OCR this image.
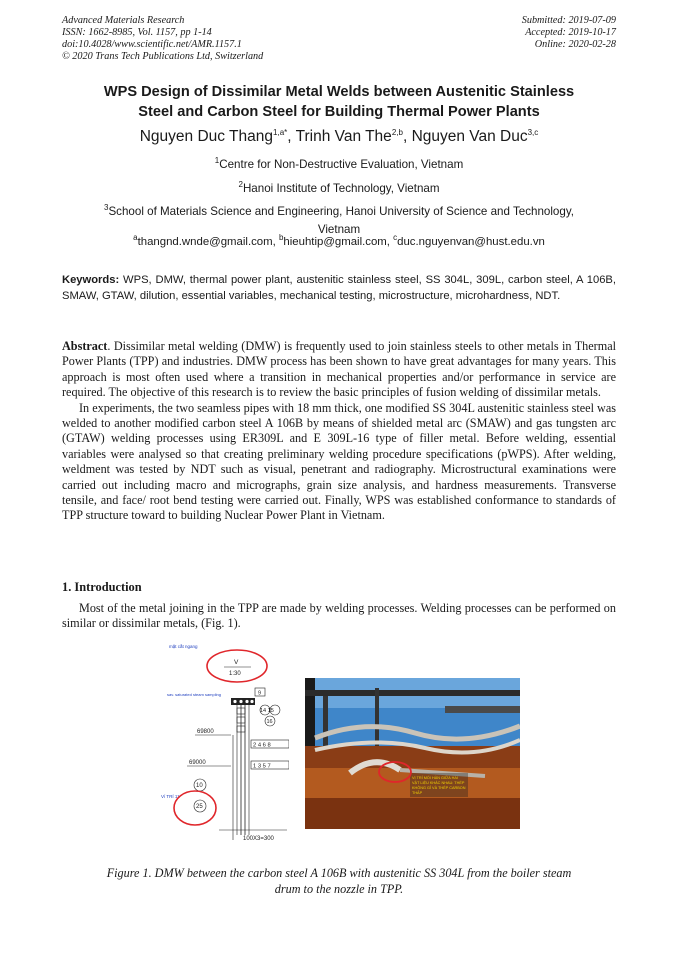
Advanced Materials Research
ISSN: 1662-8985, Vol. 1157, pp 1-14
doi:10.4028/www.scientific.net/AMR.1157.1
© 2020 Trans Tech Publications Ltd, Switzerland
Submitted: 2019-07-09
Accepted: 2019-10-17
Online: 2020-02-28
WPS Design of Dissimilar Metal Welds between Austenitic Stainless
Steel and Carbon Steel for Building Thermal Power Plants
Nguyen Duc Thang$^{1,a*}$, Trinh Van The$^{2,b}$, Nguyen Van Duc$^{3,c}$
$^1$Centre for Non-Destructive Evaluation, Vietnam
$^2$Hanoi Institute of Technology, Vietnam
$^3$School of Materials Science and Engineering, Hanoi University of Science and Technology,
Vietnam
$^a$thangnd.wnde@gmail.com, $^b$hieuhtip@gmail.com, $^c$duc.nguyenvan@hust.edu.vn
Keywords: WPS, DMW, thermal power plant, austenitic stainless steel, SS 304L, 309L, carbon steel, A 106B, SMAW, GTAW, dilution, essential variables, mechanical testing, microstructure, microhardness, NDT.

Abstract. Dissimilar metal welding (DMW) is frequently used to join stainless steels to other metals in Thermal Power Plants (TPP) and industries. DMW process has been shown to have great advantages for many years. This approach is most often used where a transition in mechanical properties and/or performance in service are required. The objective of this research is to review the basic principles of fusion welding of dissimilar metals.

In experiments, the two seamless pipes with 18 mm thick, one modified SS 304L austenitic stainless steel was welded to another modified carbon steel A 106B by means of shielded metal arc (SMAW) and gas tungsten arc (GTAW) welding processes using ER309L and E 309L-16 type of filler metal. Before welding, essential variables were analysed so that creating preliminary welding procedure specifications (pWPS). After welding, weldment was tested by NDT such as visual, penetrant and radiography. Microstructural examinations were carried out including macro and micrographs, grain size analysis, and hardness measurements. Transverse tensile, and face/ root bend testing were carried out. Finally, WPS was established conformance to standards of TPP structure toward to building Nuclear Power Plant in Vietnam.

1. Introduction

Most of the metal joining in the TPP are made by welding processes. Welding processes can be performed on similar or dissimilar metals, (Fig. 1).

mặt cắt ngang
V
1:30
sav. saturated steam sampling	9
14 15
16
69800
2 4 6 8
69000
1 3 5 7
10
Ví TRÍ 11
25
100X3=300
VỊ TRÍ MỐI HÀN GIỮA HAI
VẬT LIỆU KHÁC NHAU: THÉP
KHÔNG GỈ VÀ THÉP CARBON
THẤP
Figure 1. DMW between the carbon steel A 106B with austenitic SS 304L from the boiler steam
drum to the nozzle in TPP.
